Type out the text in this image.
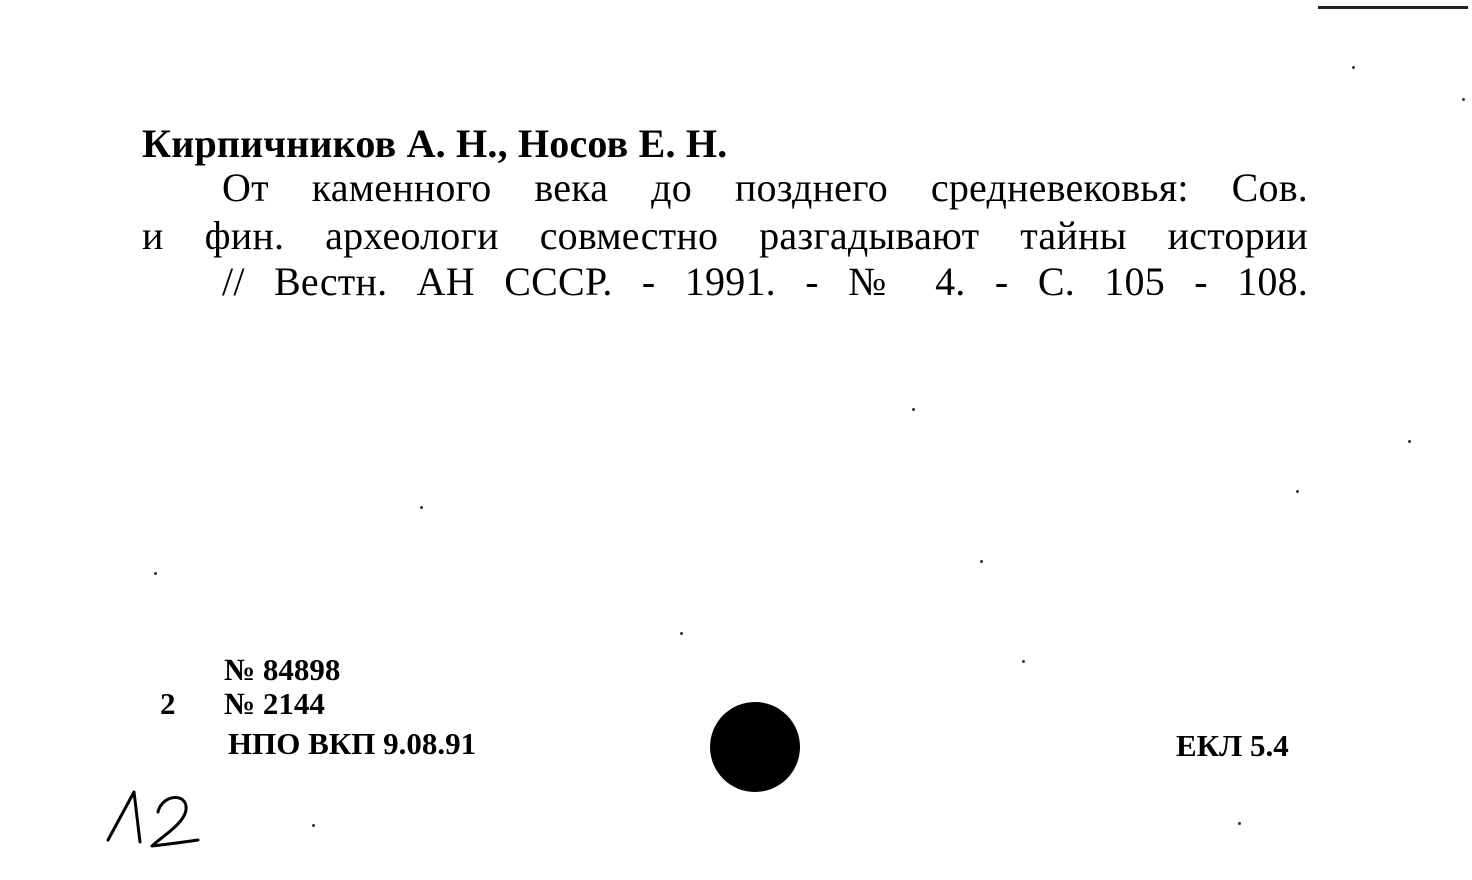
Кирпичников А. Н., Носов Е. Н.
От каменного века до позднего средневековья: Сов.
и фин. археологи совместно разгадывают тайны истории
// Вестн. АН СССР. - 1991. - № 4. - С. 105 - 108.
№ 84898
2 № 2144
НПО ВКП 9.08.91	ЕКЛ 5.4
